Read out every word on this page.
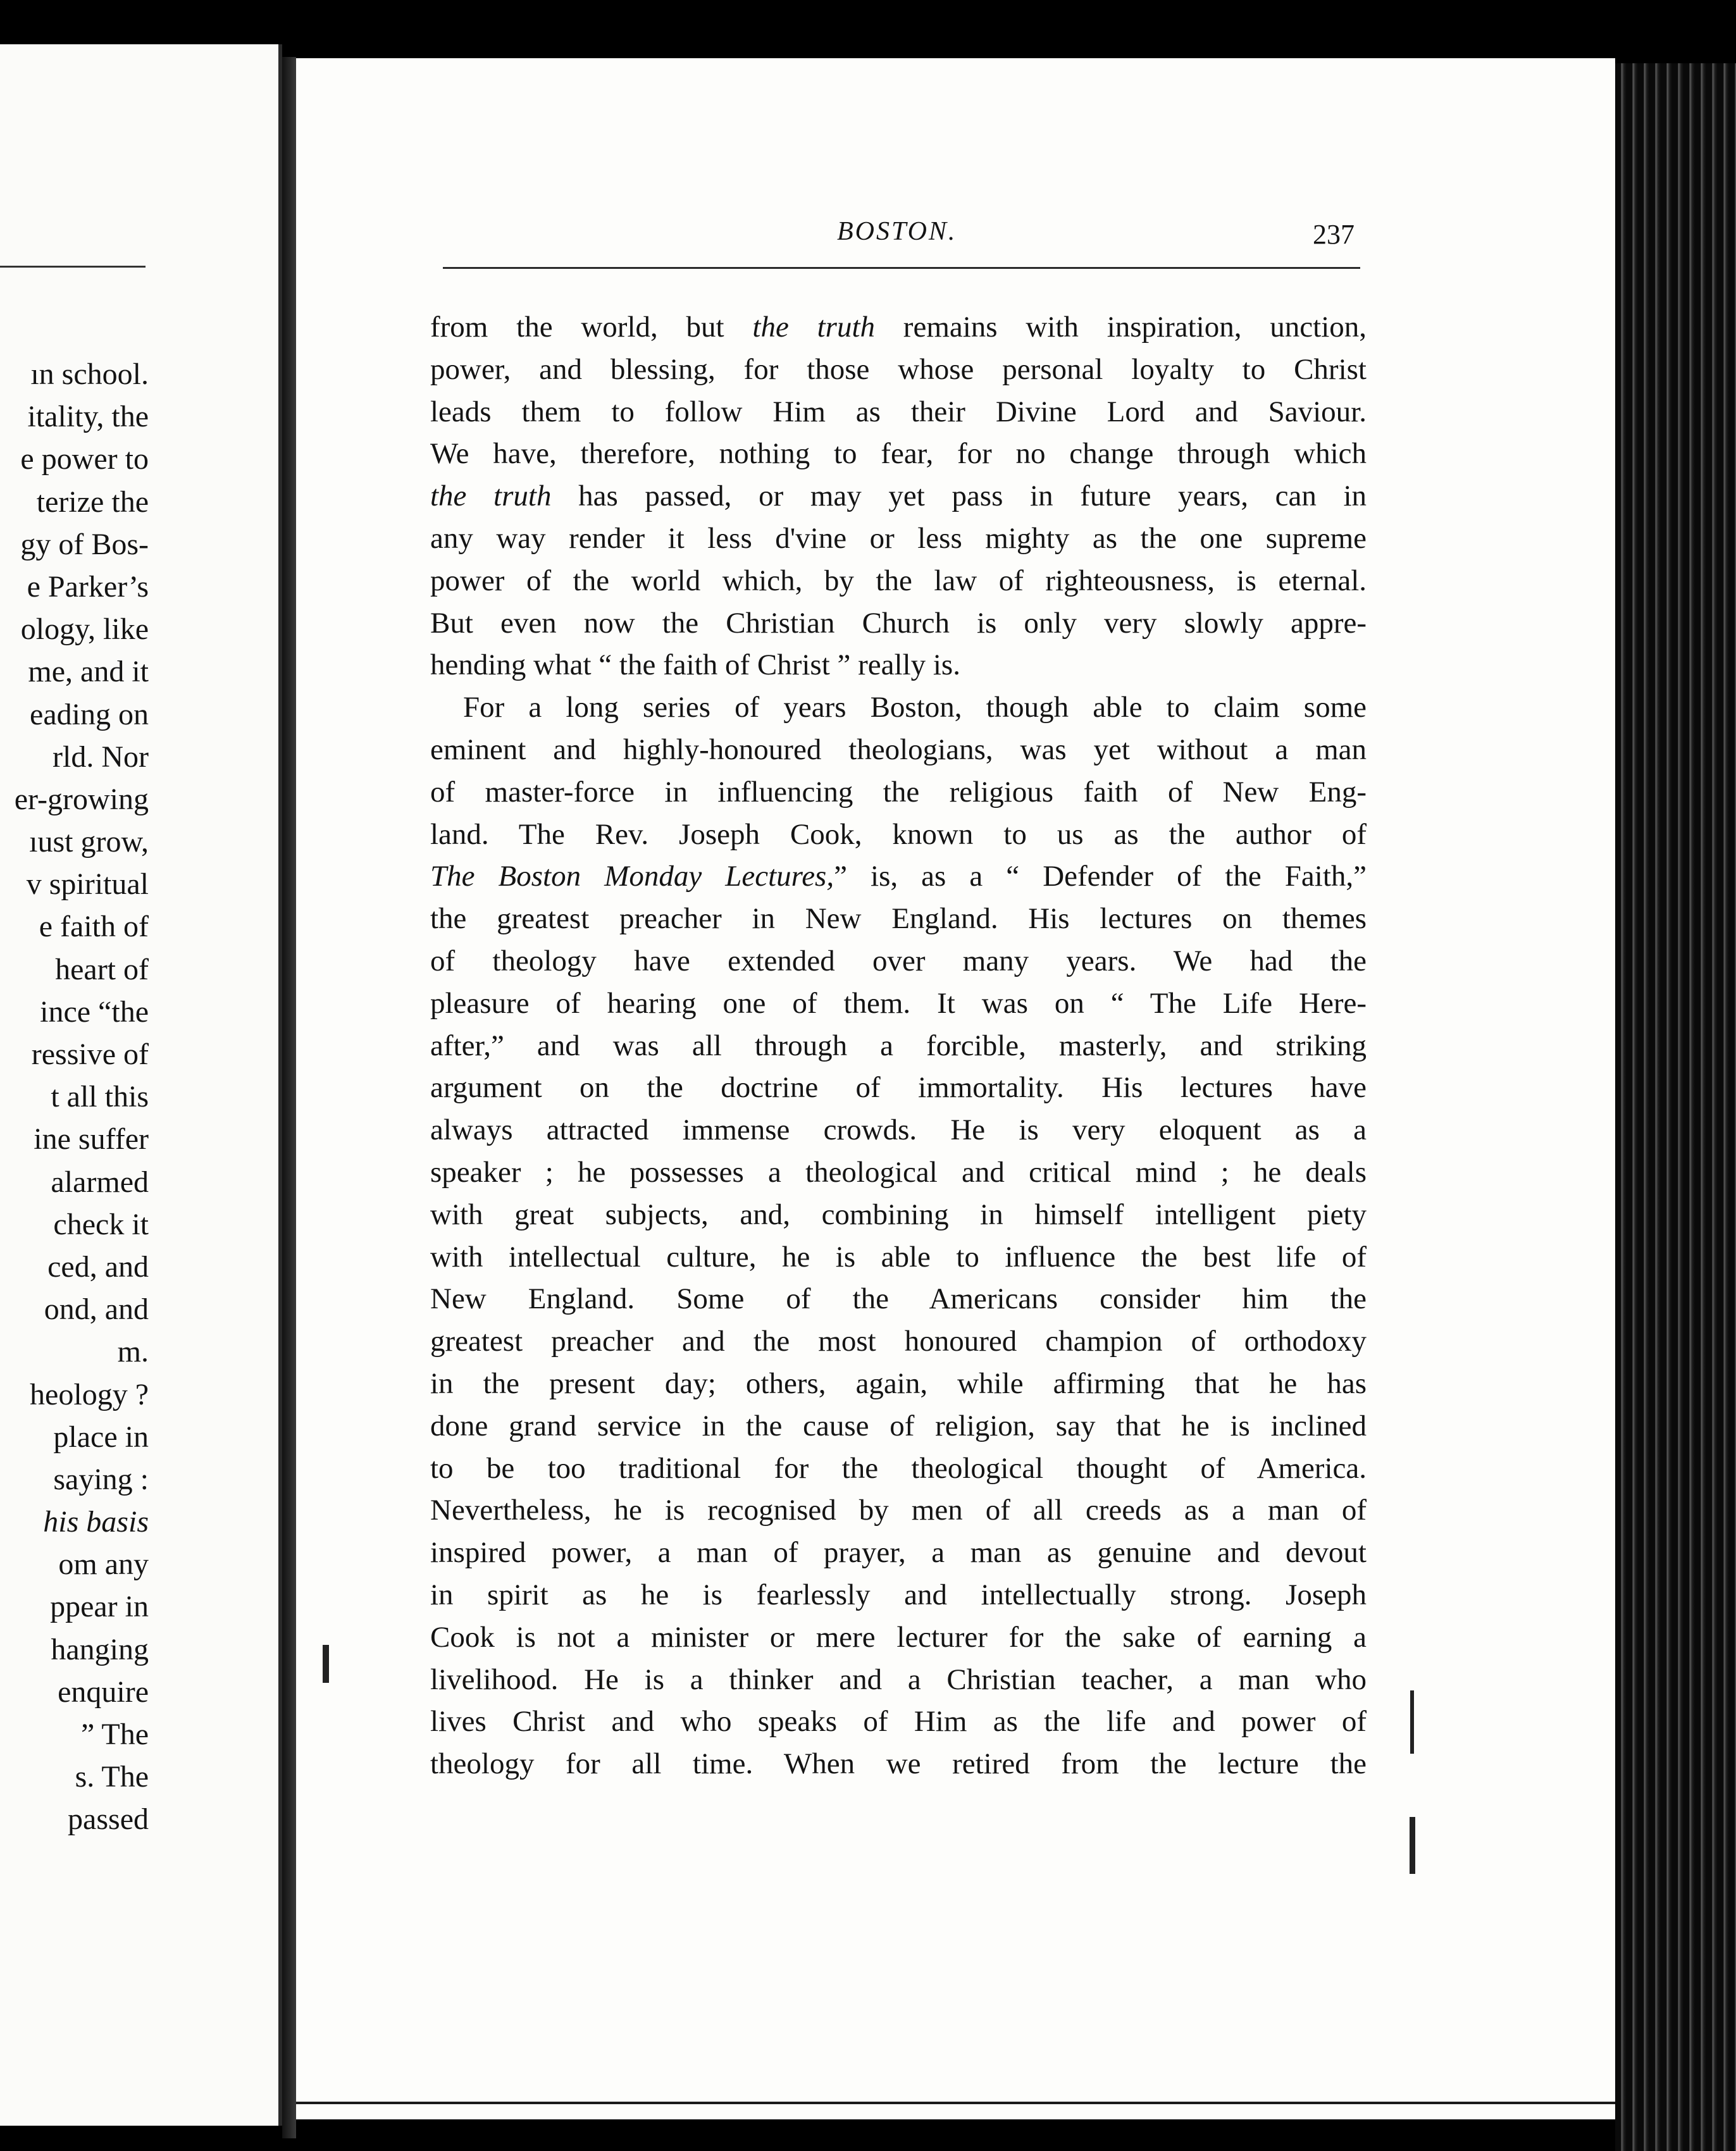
ın school.
itality, the
e power to
terize the
gy of Bos-
e Parker’s
ology, like
me, and it
eading on
rld. Nor
er-growing
ıust grow,
v spiritual
e faith of
heart of
ince “the
ressive of
t all this
ine suffer
alarmed
check it
ced, and
ond, and
m.
heology ?
place in
saying :
his basis
om any
ppear in
hanging
enquire
” The
s. The
passed
BOSTON.	237
from the world, but the truth remains with inspiration, unction,
power, and blessing, for those whose personal loyalty to Christ
leads them to follow Him as their Divine Lord and Saviour.
We have, therefore, nothing to fear, for no change through which
the truth has passed, or may yet pass in future years, can in
any way render it less d'vine or less mighty as the one supreme
power of the world which, by the law of righteousness, is eternal.
But even now the Christian Church is only very slowly appre-
hending what “ the faith of Christ ” really is.
For a long series of years Boston, though able to claim some
eminent and highly-honoured theologians, was yet without a man
of master-force in influencing the religious faith of New Eng-
land. The Rev. Joseph Cook, known to us as the author of
The Boston Monday Lectures,” is, as a “ Defender of the Faith,”
the greatest preacher in New England. His lectures on themes
of theology have extended over many years. We had the
pleasure of hearing one of them. It was on “ The Life Here-
after,” and was all through a forcible, masterly, and striking
argument on the doctrine of immortality. His lectures have
always attracted immense crowds. He is very eloquent as a
speaker ; he possesses a theological and critical mind ; he deals
with great subjects, and, combining in himself intelligent piety
with intellectual culture, he is able to influence the best life of
New England. Some of the Americans consider him the
greatest preacher and the most honoured champion of orthodoxy
in the present day; others, again, while affirming that he has
done grand service in the cause of religion, say that he is inclined
to be too traditional for the theological thought of America.
Nevertheless, he is recognised by men of all creeds as a man of
inspired power, a man of prayer, a man as genuine and devout
in spirit as he is fearlessly and intellectually strong. Joseph
Cook is not a minister or mere lecturer for the sake of earning a
livelihood. He is a thinker and a Christian teacher, a man who
lives Christ and who speaks of Him as the life and power of
theology for all time. When we retired from the lecture the
